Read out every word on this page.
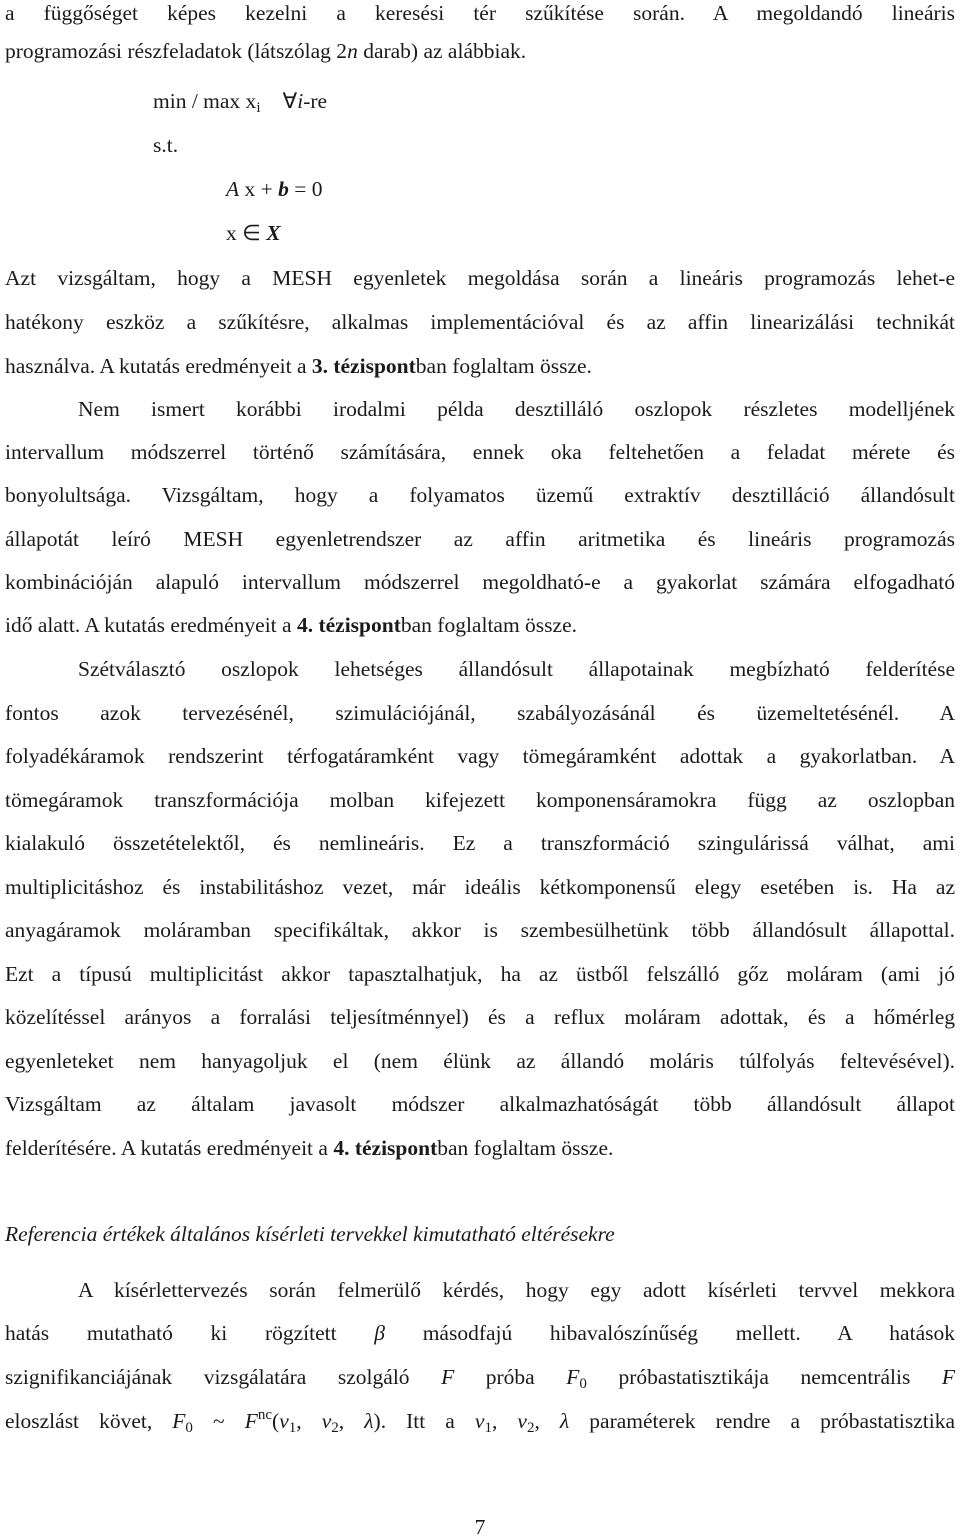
a függőséget képes kezelni a keresési tér szűkítése során. A megoldandó lineáris
programozási részfeladatok (látszólag 2n darab) az alábbiak.
min / $\max x_i$ ∀i-re
s.t.
A x + b = 0
x ∈ X
Azt vizsgáltam, hogy a MESH egyenletek megoldása során a lineáris programozás lehet-e
hatékony eszköz a szűkítésre, alkalmas implementációval és az affin linearizálási technikát
használva. A kutatás eredményeit a 3. tézispontban foglaltam össze.
Nem ismert korábbi irodalmi példa desztilláló oszlopok részletes modelljének
intervallum módszerrel történő számítására, ennek oka feltehetően a feladat mérete és
bonyolultsága. Vizsgáltam, hogy a folyamatos üzemű extraktív desztilláció állandósult
állapotát leíró MESH egyenletrendszer az affin aritmetika és lineáris programozás
kombinációján alapuló intervallum módszerrel megoldható-e a gyakorlat számára elfogadható
idő alatt. A kutatás eredményeit a 4. tézispontban foglaltam össze.
Szétválasztó oszlopok lehetséges állandósult állapotainak megbízható felderítése
fontos azok tervezésénél, szimulációjánál, szabályozásánál és üzemeltetésénél. A
folyadékáramok rendszerint térfogatáramként vagy tömegáramként adottak a gyakorlatban. A
tömegáramok transzformációja molban kifejezett komponensáramokra függ az oszlopban
kialakuló összetételektől, és nemlineáris. Ez a transzformáció szingulárissá válhat, ami
multiplicitáshoz és instabilitáshoz vezet, már ideális kétkomponensű elegy esetében is. Ha az
anyagáramok moláramban specifikáltak, akkor is szembesülhetünk több állandósult állapottal.
Ezt a típusú multiplicitást akkor tapasztalhatjuk, ha az üstből felszálló gőz moláram (ami jó
közelítéssel arányos a forralási teljesítménnyel) és a reflux moláram adottak, és a hőmérleg
egyenleteket nem hanyagoljuk el (nem élünk az állandó moláris túlfolyás feltevésével).
Vizsgáltam az általam javasolt módszer alkalmazhatóságát több állandósult állapot
felderítésére. A kutatás eredményeit a 4. tézispontban foglaltam össze.
Referencia értékek általános kísérleti tervekkel kimutatható eltérésekre
A kísérlettervezés során felmerülő kérdés, hogy egy adott kísérleti tervvel mekkora
hatás mutatható ki rögzített β másodfajú hibavalószínűség mellett. A hatások
szignifikanciájának vizsgálatára szolgáló F próba $F_0$ próbastatisztikája nemcentrális F
eloszlást követ, $F_0$ ~ $F^{nc}(\nu_1$, $\nu_2$, λ). Itt a $\nu_1$, $\nu_2$, λ paraméterek rendre a próbastatisztika
7
